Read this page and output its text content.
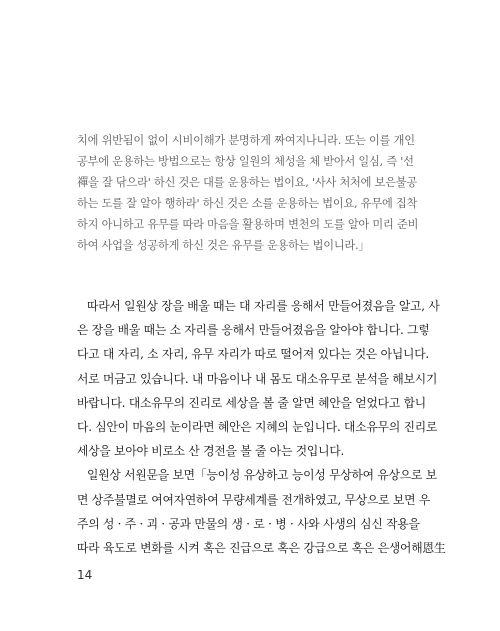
치에 위반됨이 없이 시비이해가 분명하게 짜여지나니라. 또는 이를 개인
공부에 운용하는 방법으로는 항상 일원의 체성을 체 받아서 일심, 즉 '선
禪을 잘 닦으라' 하신 것은 대를 운용하는 법이요, '사사 처처에 보은불공
하는 도를 잘 알아 행하라' 하신 것은 소를 운용하는 법이요, 유무에 집착
하지 아니하고 유무를 따라 마음을 활용하며 변천의 도를 알아 미리 준비
하여 사업을 성공하게 하신 것은 유무를 운용하는 법이니라.」
따라서 일원상 장을 배울 때는 대 자리를 응해서 만들어졌음을 알고, 사
은 장을 배울 때는 소 자리를 응해서 만들어졌음을 알아야 합니다. 그렇
다고 대 자리, 소 자리, 유무 자리가 따로 떨어져 있다는 것은 아닙니다.
서로 머금고 있습니다. 내 마음이나 내 몸도 대소유무로 분석을 해보시기
바랍니다. 대소유무의 진리로 세상을 볼 줄 알면 혜안을 얻었다고 합니
다. 심안이 마음의 눈이라면 혜안은 지혜의 눈입니다. 대소유무의 진리로
세상을 보아야 비로소 산 경전을 볼 줄 아는 것입니다.
일원상 서원문을 보면「능이성 유상하고 능이성 무상하여 유상으로 보
면 상주불멸로 여여자연하여 무량세계를 전개하였고, 무상으로 보면 우
주의 성 · 주 · 괴 · 공과 만물의 생 · 로 · 병 · 사와 사생의 심신 작용을
따라 육도로 변화를 시켜 혹은 진급으로 혹은 강급으로 혹은 은생어해恩生
14
